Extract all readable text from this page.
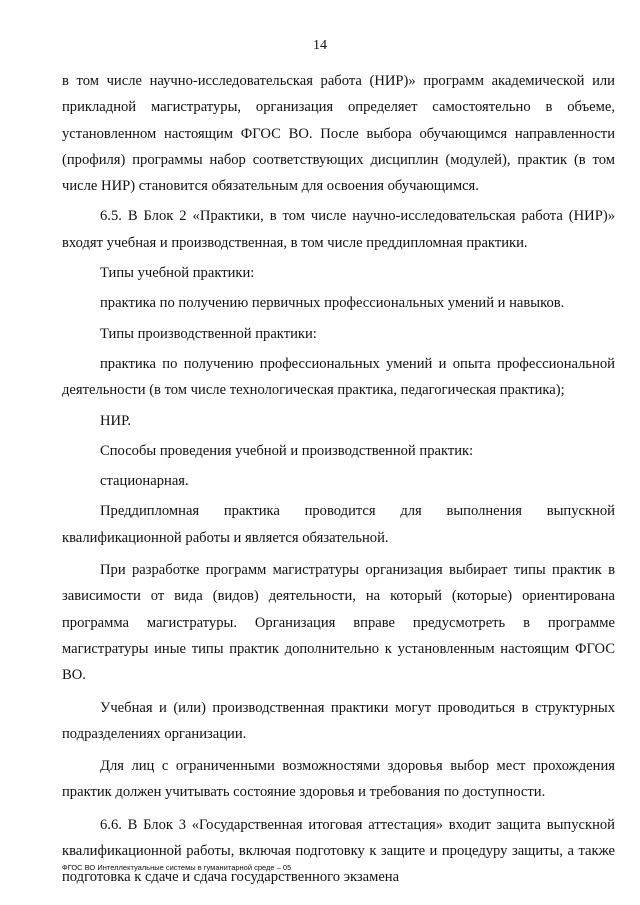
14

в том числе научно-исследовательская работа (НИР)» программ академической или прикладной магистратуры, организация определяет самостоятельно в объеме, установленном настоящим ФГОС ВО. После выбора обучающимся направленности (профиля) программы набор соответствующих дисциплин (модулей), практик (в том числе НИР) становится обязательным для освоения обучающимся.

6.5. В Блок 2 «Практики, в том числе научно-исследовательская работа (НИР)» входят учебная и производственная, в том числе преддипломная практики.

Типы учебной практики:

практика по получению первичных профессиональных умений и навыков.

Типы производственной практики:

практика по получению профессиональных умений и опыта профессиональной деятельности (в том числе технологическая практика, педагогическая практика);

НИР.

Способы проведения учебной и производственной практик:

стационарная.

Преддипломная практика проводится для выполнения выпускной квалификационной работы и является обязательной.

При разработке программ магистратуры организация выбирает типы практик в зависимости от вида (видов) деятельности, на который (которые) ориентирована программа магистратуры. Организация вправе предусмотреть в программе магистратуры иные типы практик дополнительно к установленным настоящим ФГОС ВО.

Учебная и (или) производственная практики могут проводиться в структурных подразделениях организации.

Для лиц с ограниченными возможностями здоровья выбор мест прохождения практик должен учитывать состояние здоровья и требования по доступности.

6.6. В Блок 3 «Государственная итоговая аттестация» входит защита выпускной квалификационной работы, включая подготовку к защите и процедуру защиты, а также подготовка к сдаче и сдача государственного экзамена

ФГОС ВО Интеллектуальные системы в гуманитарной среде – 05
